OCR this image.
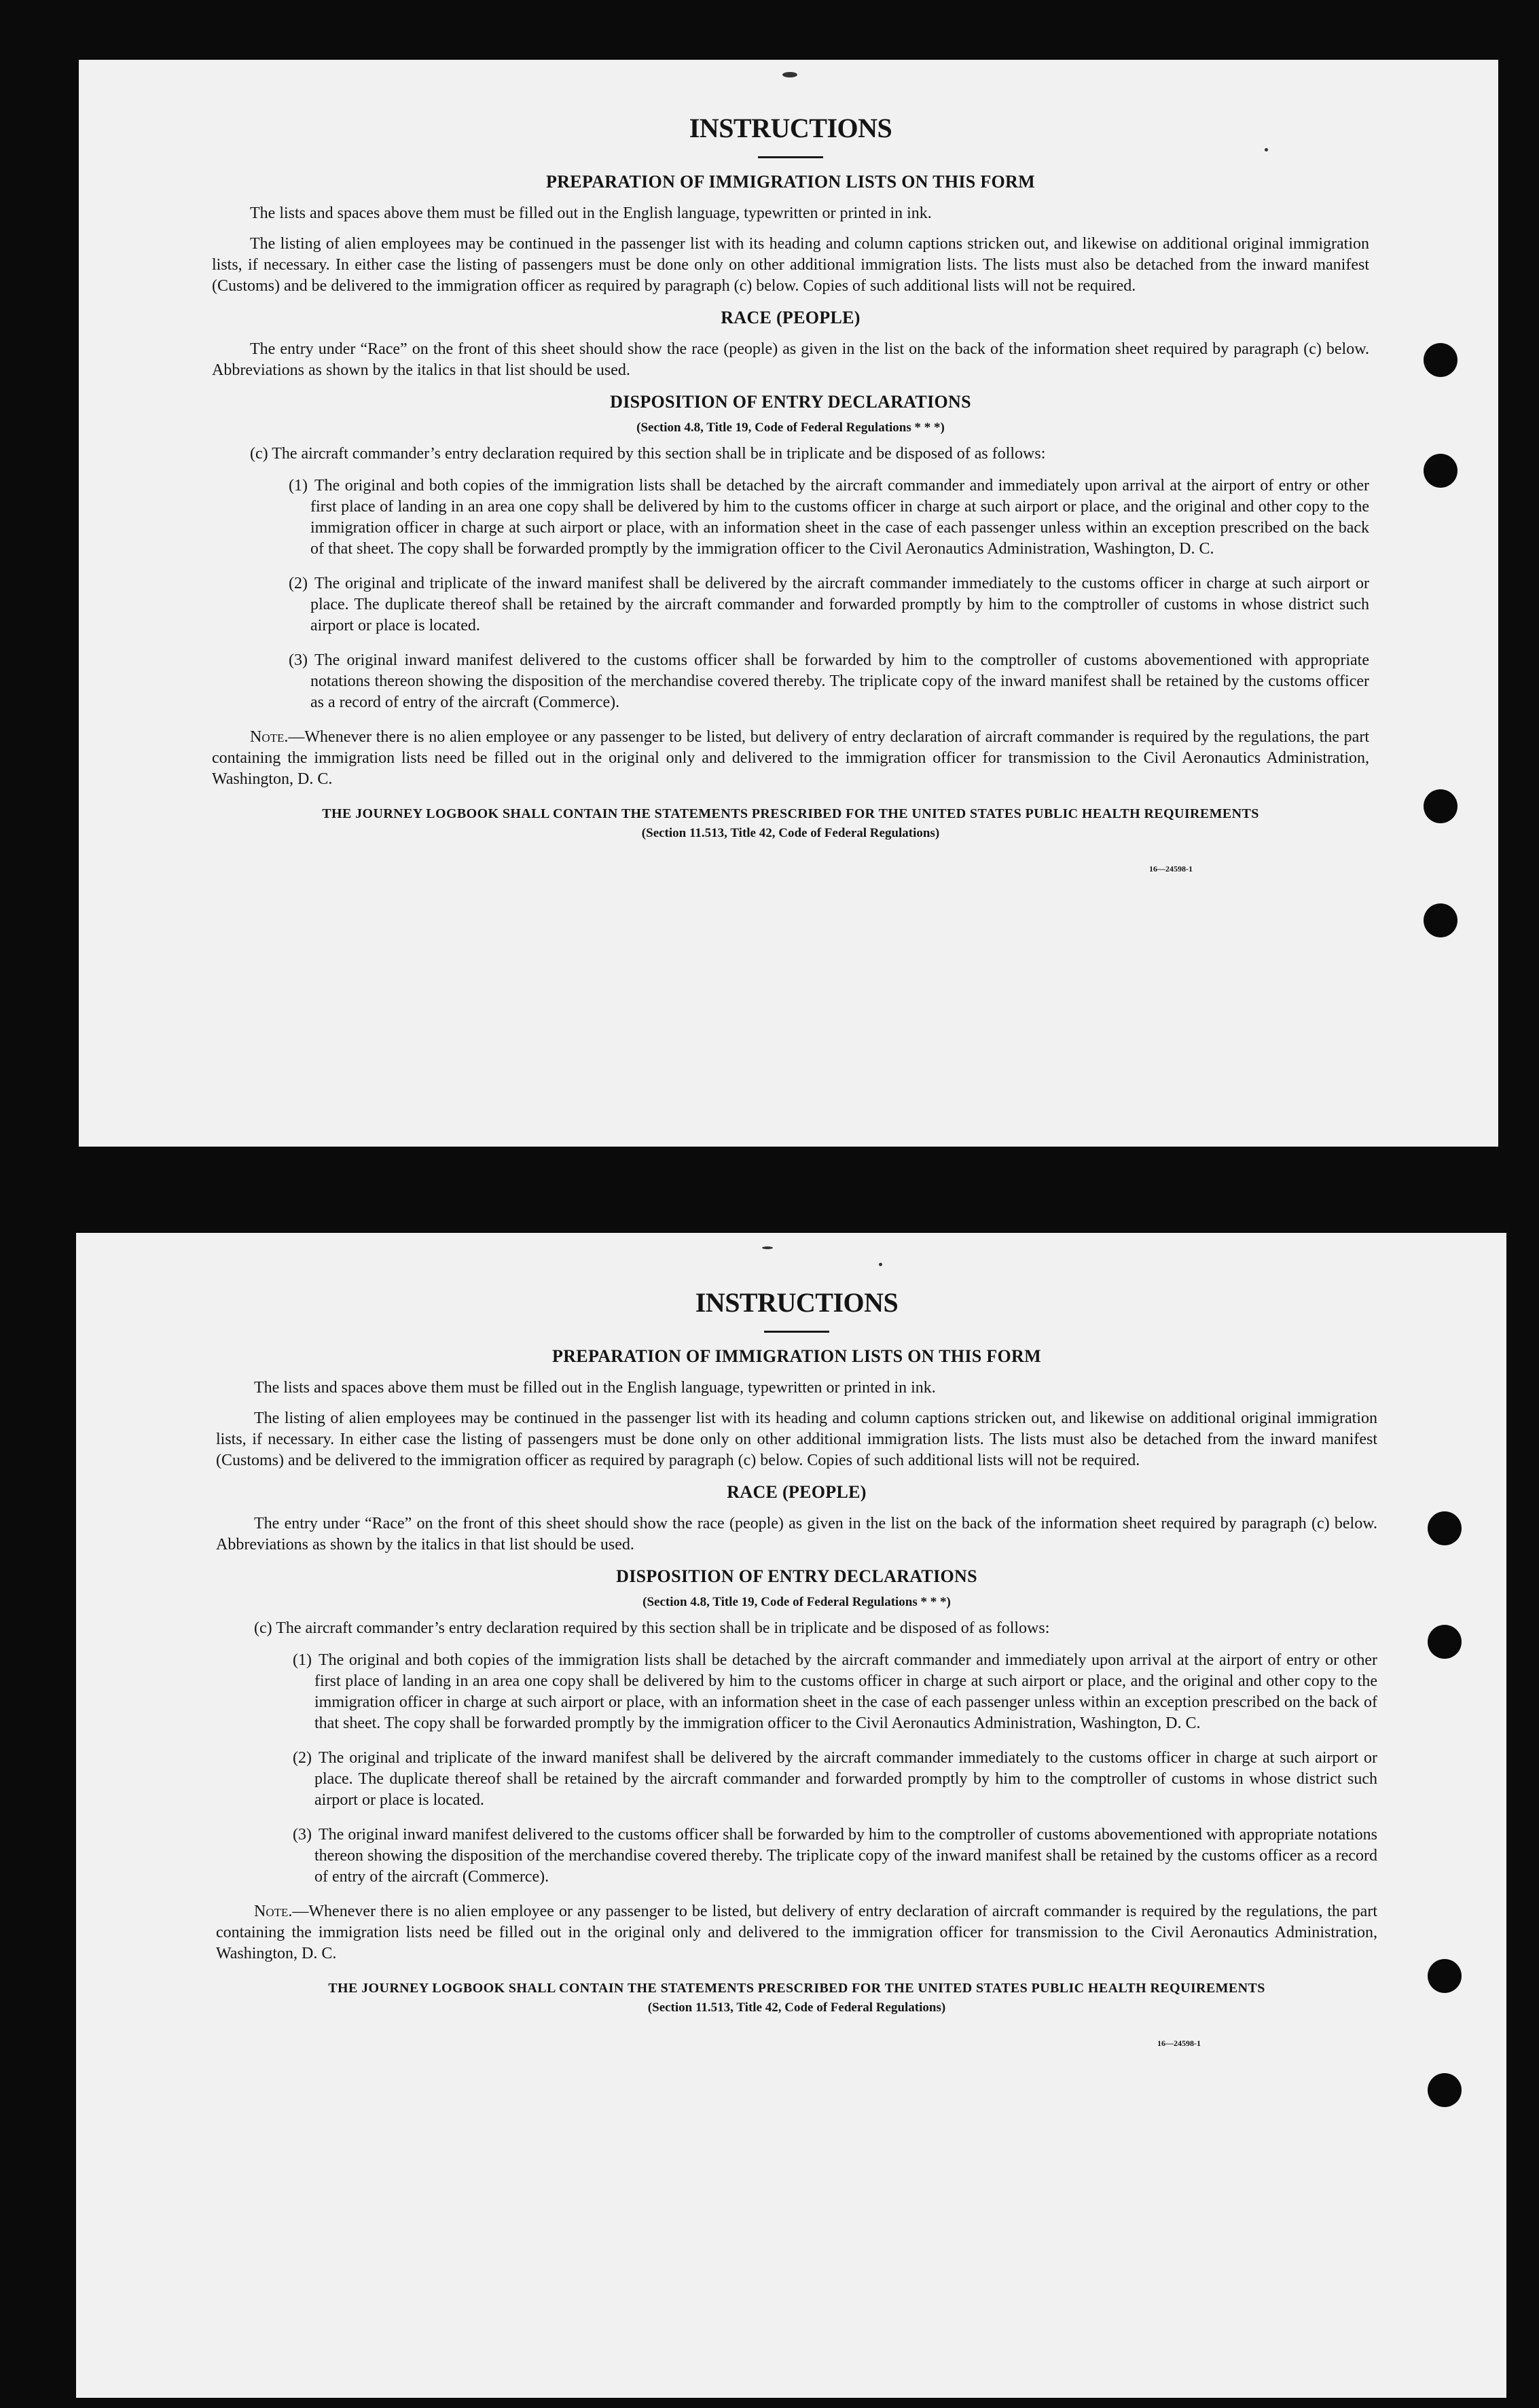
INSTRUCTIONS
PREPARATION OF IMMIGRATION LISTS ON THIS FORM

The lists and spaces above them must be filled out in the English language, typewritten or printed in ink.

The listing of alien employees may be continued in the passenger list with its heading and column captions stricken out, and likewise on additional original immigration lists, if necessary. In either case the listing of passengers must be done only on other additional immigration lists. The lists must also be detached from the inward manifest (Customs) and be delivered to the immigration officer as required by paragraph (c) below. Copies of such additional lists will not be required.

RACE (PEOPLE)

The entry under “Race” on the front of this sheet should show the race (people) as given in the list on the back of the information sheet required by paragraph (c) below. Abbreviations as shown by the italics in that list should be used.

DISPOSITION OF ENTRY DECLARATIONS
(Section 4.8, Title 19, Code of Federal Regulations * * *)

(c) The aircraft commander’s entry declaration required by this section shall be in triplicate and be disposed of as follows:

(1) The original and both copies of the immigration lists shall be detached by the aircraft commander and immediately upon arrival at the airport of entry or other first place of landing in an area one copy shall be delivered by him to the customs officer in charge at such airport or place, and the original and other copy to the immigration officer in charge at such airport or place, with an information sheet in the case of each passenger unless within an exception prescribed on the back of that sheet. The copy shall be forwarded promptly by the immigration officer to the Civil Aeronautics Administration, Washington, D. C.

(2) The original and triplicate of the inward manifest shall be delivered by the aircraft commander immediately to the customs officer in charge at such airport or place. The duplicate thereof shall be retained by the aircraft commander and forwarded promptly by him to the comptroller of customs in whose district such airport or place is located.

(3) The original inward manifest delivered to the customs officer shall be forwarded by him to the comptroller of customs abovementioned with appropriate notations thereon showing the disposition of the merchandise covered thereby. The triplicate copy of the inward manifest shall be retained by the customs officer as a record of entry of the aircraft (Commerce).

Note.—Whenever there is no alien employee or any passenger to be listed, but delivery of entry declaration of aircraft commander is required by the regulations, the part containing the immigration lists need be filled out in the original only and delivered to the immigration officer for transmission to the Civil Aeronautics Administration, Washington, D. C.

THE JOURNEY LOGBOOK SHALL CONTAIN THE STATEMENTS PRESCRIBED FOR THE UNITED STATES PUBLIC HEALTH REQUIREMENTS
(Section 11.513, Title 42, Code of Federal Regulations)
16—24598-1
INSTRUCTIONS
PREPARATION OF IMMIGRATION LISTS ON THIS FORM

The lists and spaces above them must be filled out in the English language, typewritten or printed in ink.

The listing of alien employees may be continued in the passenger list with its heading and column captions stricken out, and likewise on additional original immigration lists, if necessary. In either case the listing of passengers must be done only on other additional immigration lists. The lists must also be detached from the inward manifest (Customs) and be delivered to the immigration officer as required by paragraph (c) below. Copies of such additional lists will not be required.

RACE (PEOPLE)

The entry under “Race” on the front of this sheet should show the race (people) as given in the list on the back of the information sheet required by paragraph (c) below. Abbreviations as shown by the italics in that list should be used.

DISPOSITION OF ENTRY DECLARATIONS
(Section 4.8, Title 19, Code of Federal Regulations * * *)

(c) The aircraft commander’s entry declaration required by this section shall be in triplicate and be disposed of as follows:

(1) The original and both copies of the immigration lists shall be detached by the aircraft commander and immediately upon arrival at the airport of entry or other first place of landing in an area one copy shall be delivered by him to the customs officer in charge at such airport or place, and the original and other copy to the immigration officer in charge at such airport or place, with an information sheet in the case of each passenger unless within an exception prescribed on the back of that sheet. The copy shall be forwarded promptly by the immigration officer to the Civil Aeronautics Administration, Washington, D. C.

(2) The original and triplicate of the inward manifest shall be delivered by the aircraft commander immediately to the customs officer in charge at such airport or place. The duplicate thereof shall be retained by the aircraft commander and forwarded promptly by him to the comptroller of customs in whose district such airport or place is located.

(3) The original inward manifest delivered to the customs officer shall be forwarded by him to the comptroller of customs abovementioned with appropriate notations thereon showing the disposition of the merchandise covered thereby. The triplicate copy of the inward manifest shall be retained by the customs officer as a record of entry of the aircraft (Commerce).

Note.—Whenever there is no alien employee or any passenger to be listed, but delivery of entry declaration of aircraft commander is required by the regulations, the part containing the immigration lists need be filled out in the original only and delivered to the immigration officer for transmission to the Civil Aeronautics Administration, Washington, D. C.

THE JOURNEY LOGBOOK SHALL CONTAIN THE STATEMENTS PRESCRIBED FOR THE UNITED STATES PUBLIC HEALTH REQUIREMENTS
(Section 11.513, Title 42, Code of Federal Regulations)
16—24598-1
